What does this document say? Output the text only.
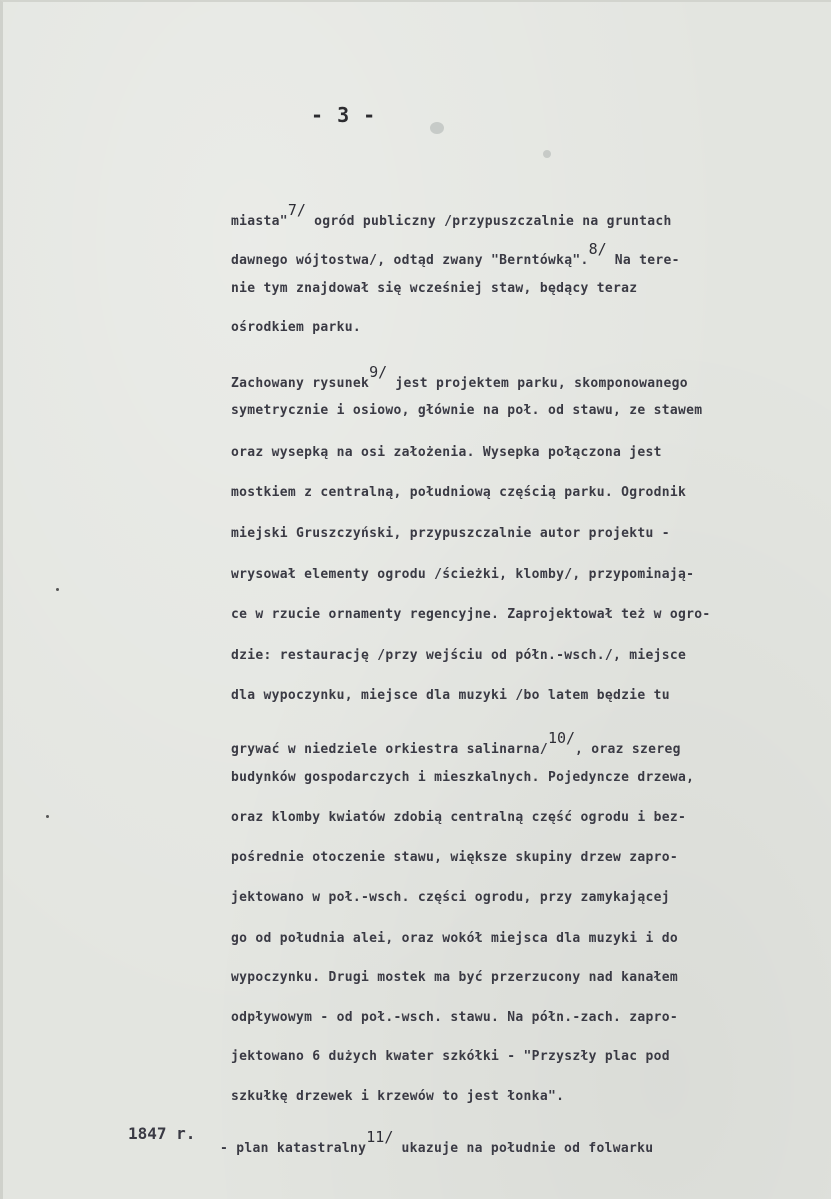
- 3 -
miasta"$^{7/}$ ogród publiczny /przypuszczalnie na gruntach
dawnego wójtostwa/, odtąd zwany "Berntówką".$^{8/}$ Na tere-
nie tym znajdował się wcześniej staw, będący teraz
ośrodkiem parku.
Zachowany rysunek$^{9/}$ jest projektem parku, skomponowanego
symetrycznie i osiowo, głównie na poł. od stawu, ze stawem
oraz wysepką na osi założenia. Wysepka połączona jest
mostkiem z centralną, południową częścią parku. Ogrodnik
miejski Gruszczyński, przypuszczalnie autor projektu -
wrysował elementy ogrodu /ścieżki, klomby/, przypominają-
ce w rzucie ornamenty regencyjne. Zaprojektował też w ogro-
dzie: restaurację /przy wejściu od półn.-wsch./, miejsce
dla wypoczynku, miejsce dla muzyki /bo latem będzie tu
grywać w niedziele orkiestra salinarna/$^{10/}$, oraz szereg
budynków gospodarczych i mieszkalnych. Pojedyncze drzewa,
oraz klomby kwiatów zdobią centralną część ogrodu i bez-
pośrednie otoczenie stawu, większe skupiny drzew zapro-
jektowano w poł.-wsch. części ogrodu, przy zamykającej
go od południa alei, oraz wokół miejsca dla muzyki i do
wypoczynku. Drugi mostek ma być przerzucony nad kanałem
odpływowym - od poł.-wsch. stawu. Na półn.-zach. zapro-
jektowano 6 dużych kwater szkółki - "Przyszły plac pod
szkułkę drzewek i krzewów to jest łonka".
1847 r.
- plan katastralny$^{11/}$ ukazuje na południe od folwarku
